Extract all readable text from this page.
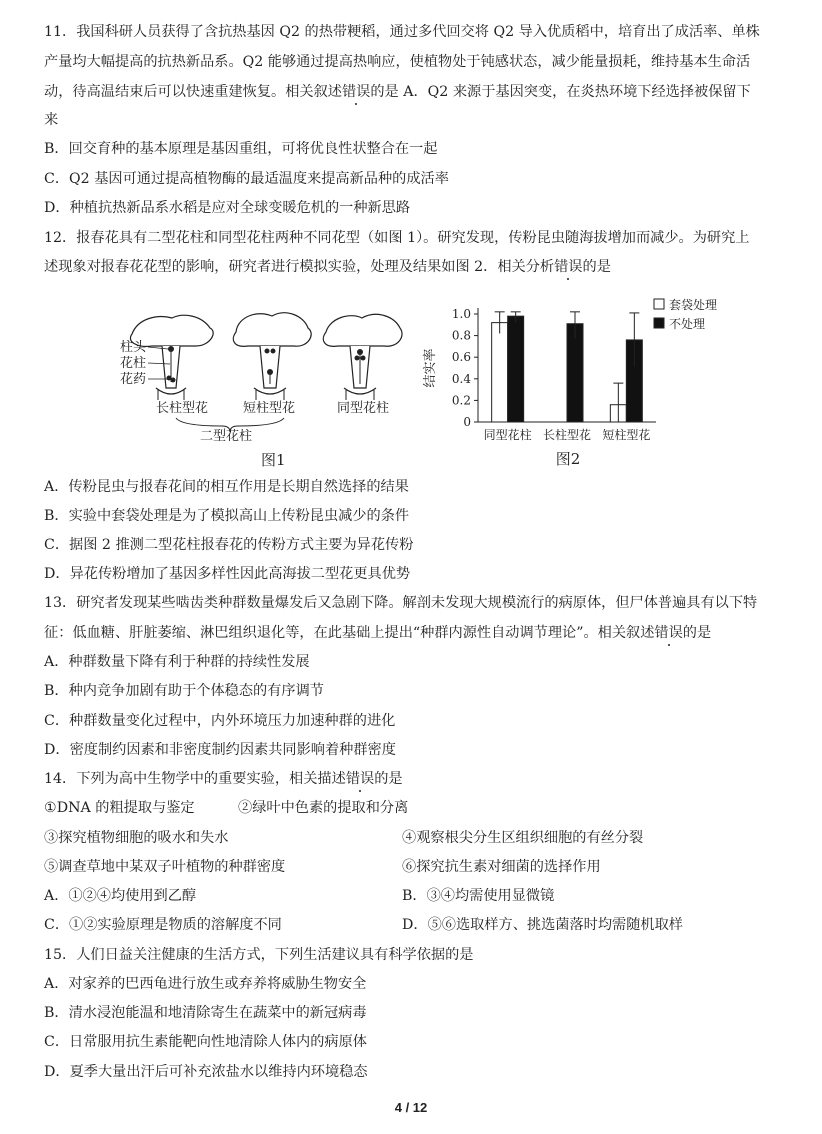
11．我国科研人员获得了含抗热基因 Q2 的热带粳稻，通过多代回交将 Q2 导入优质稻中，培育出了成活率、单株
产量均大幅提高的抗热新品系。Q2 能够通过提高热响应，使植物处于钝感状态，减少能量损耗，维持基本生命活
动，待高温结束后可以快速重建恢复。相关叙述错误的是 A．Q2 来源于基因突变，在炎热环境下经选择被保留下
来
B．回交育种的基本原理是基因重组，可将优良性状整合在一起
C．Q2 基因可通过提高植物酶的最适温度来提高新品种的成活率
D．种植抗热新品系水稻是应对全球变暖危机的一种新思路
12．报春花具有二型花柱和同型花柱两种不同花型（如图 1）。研究发现，传粉昆虫随海拔增加而减少。为研究上
述现象对报春花花型的影响，研究者进行模拟实验，处理及结果如图 2．相关分析错误的是
柱头
花柱
花药
长柱型花	短柱型花	同型花柱
二型花柱
图1
0
0.2
0.4
0.6
0.8
1.0
结实率
同型花柱 长柱型花 短柱型花
套袋处理
不处理
图2
A．传粉昆虫与报春花间的相互作用是长期自然选择的结果
B．实验中套袋处理是为了模拟高山上传粉昆虫减少的条件
C．据图 2 推测二型花柱报春花的传粉方式主要为异花传粉
D．异花传粉增加了基因多样性因此高海拔二型花更具优势
13．研究者发现某些啮齿类种群数量爆发后又急剧下降。解剖未发现大规模流行的病原体，但尸体普遍具有以下特
征：低血糖、肝脏萎缩、淋巴组织退化等，在此基础上提出“种群内源性自动调节理论”。相关叙述错误的是
A．种群数量下降有利于种群的持续性发展
B．种内竞争加剧有助于个体稳态的有序调节
C．种群数量变化过程中，内外环境压力加速种群的进化
D．密度制约因素和非密度制约因素共同影响着种群密度
14．下列为高中生物学中的重要实验，相关描述错误的是
①DNA 的粗提取与鉴定	②绿叶中色素的提取和分离
③探究植物细胞的吸水和失水	④观察根尖分生区组织细胞的有丝分裂
⑤调查草地中某双子叶植物的种群密度	⑥探究抗生素对细菌的选择作用
A．①②④均使用到乙醇	B．③④均需使用显微镜
C．①②实验原理是物质的溶解度不同	D．⑤⑥选取样方、挑选菌落时均需随机取样
15．人们日益关注健康的生活方式，下列生活建议具有科学依据的是
A．对家养的巴西龟进行放生或弃养将威胁生物安全
B．清水浸泡能温和地清除寄生在蔬菜中的新冠病毒
C．日常服用抗生素能靶向性地清除人体内的病原体
D．夏季大量出汗后可补充浓盐水以维持内环境稳态
4 / 12
